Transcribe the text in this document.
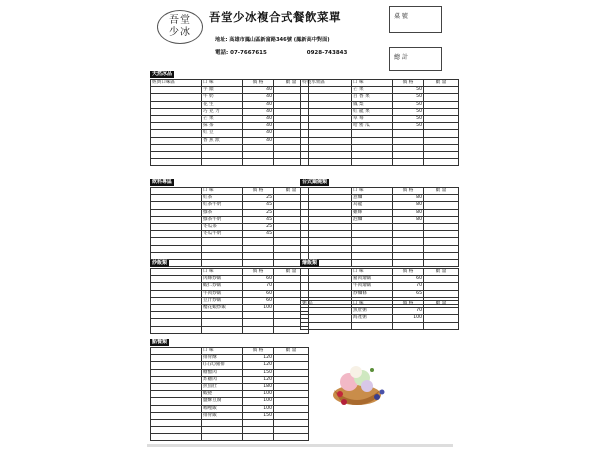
吾堂
少冰
吾堂少冰複合式餐飲菜單
地址: 高雄市鳳山區新富路346號 (鳳新高中對面)
電話: 07-7667615	0928-743843
桌 號
總 計
天然冰品
經典口味區	口 味	價 格	數 量
	芋 頭	40	
	牛 奶	40	
	花 生	40	
	巧 克 力	40	
	芒 果	40	
	抹 茶	40	
	紅 豆	40	
	香 蕉 派	40	

特製水果區	口 味	價 格	數 量
	芒 果	50	
	百 香 果	50	
	鳳 梨	50	
	紅 龍 果	50	
	草 莓	50	
	哈 密 瓜	50	

飲料專區
	口 味	價 格	數 量
	紅茶	25	
	紅茶牛奶	45	
	綠茶	25	
	綠茶牛奶	45	
	冬瓜茶	25	
	冬瓜牛奶	45	

台式鍋燒類
	口 味	價 格	數 量
	意麵	80	
	烏龍	80	
	雞絲	80	
	泡麵	80	

炒飯類
	口 味	價 格	數 量
	肉絲炒飯	60	
	蝦仁炒飯	70	
	牛肉炒飯	60	
	豆汁炒飯	60	
	櫻花蝦炒飯	100	

燴飯類
	口 味	價 格	數 量
	豬肉燴飯	60	
	牛肉燴飯	70	
	炒麵條	65	

粥 品	口 味	價 格	數 量
	魚肚粥	70	
	海產粥	100	

點餐類
	口 味	價 格	數 量
	排骨酥	120	
	(日式)豬排	120	
	糖醋肉	150	
	炸雞肉	120	
	煎魚肚	180	
	蝦捲	100	
	鹽酥豆腐	100	
	咖哩飯	100	
	排骨飯	150	
